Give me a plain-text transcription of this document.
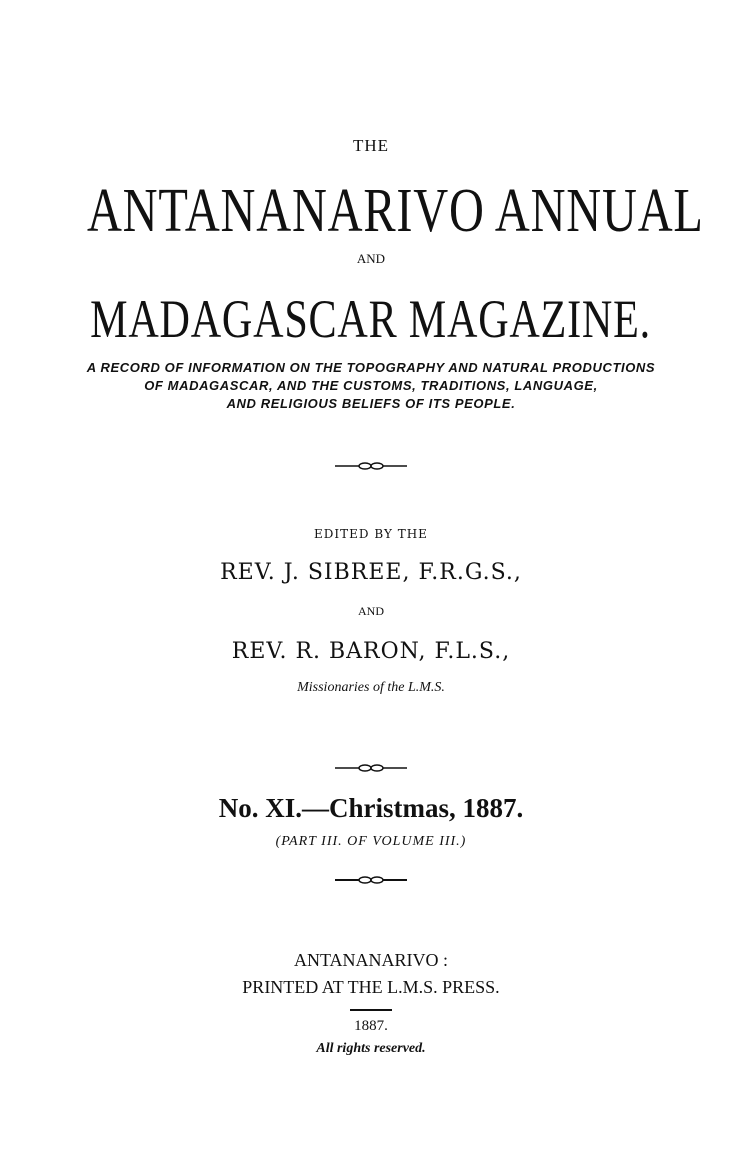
THE
ANTANANARIVO ANNUAL
AND
MADAGASCAR MAGAZINE.
A RECORD OF INFORMATION ON THE TOPOGRAPHY AND NATURAL PRODUCTIONS
OF MADAGASCAR, AND THE CUSTOMS, TRADITIONS, LANGUAGE,
AND RELIGIOUS BELIEFS OF ITS PEOPLE.
EDITED BY THE
REV. J. SIBREE, F.R.G.S.,
AND
REV. R. BARON, F.L.S.,
Missionaries of the L.M.S.
No. XI.—Christmas, 1887.
(PART III. OF VOLUME III.)
ANTANANARIVO :
PRINTED AT THE L.M.S. PRESS.
1887.
All rights reserved.
